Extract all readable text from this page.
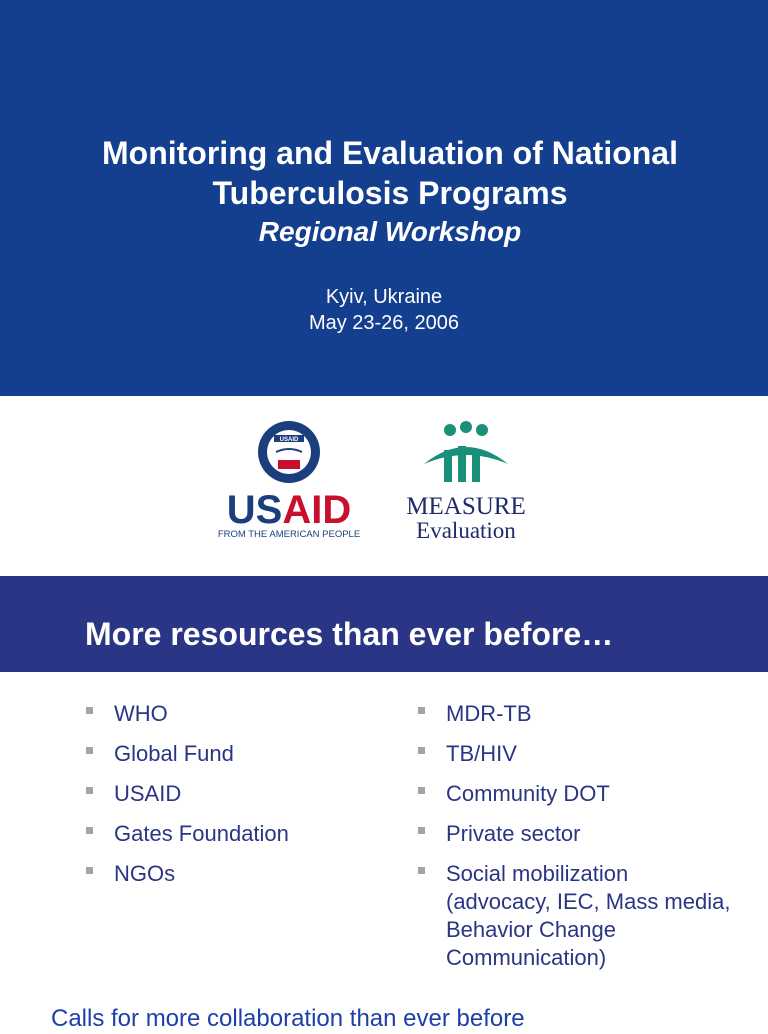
Monitoring and Evaluation of National Tuberculosis Programs
Regional Workshop
Kyiv, Ukraine
May 23-26, 2006
USAID
USAID
FROM THE AMERICAN PEOPLE
MEASURE
Evaluation
More resources than ever before…
WHO
Global Fund
USAID
Gates Foundation
NGOs
MDR-TB
TB/HIV
Community DOT
Private sector
Social mobilization (advocacy, IEC, Mass media, Behavior Change Communication)
Calls for more collaboration than ever before
